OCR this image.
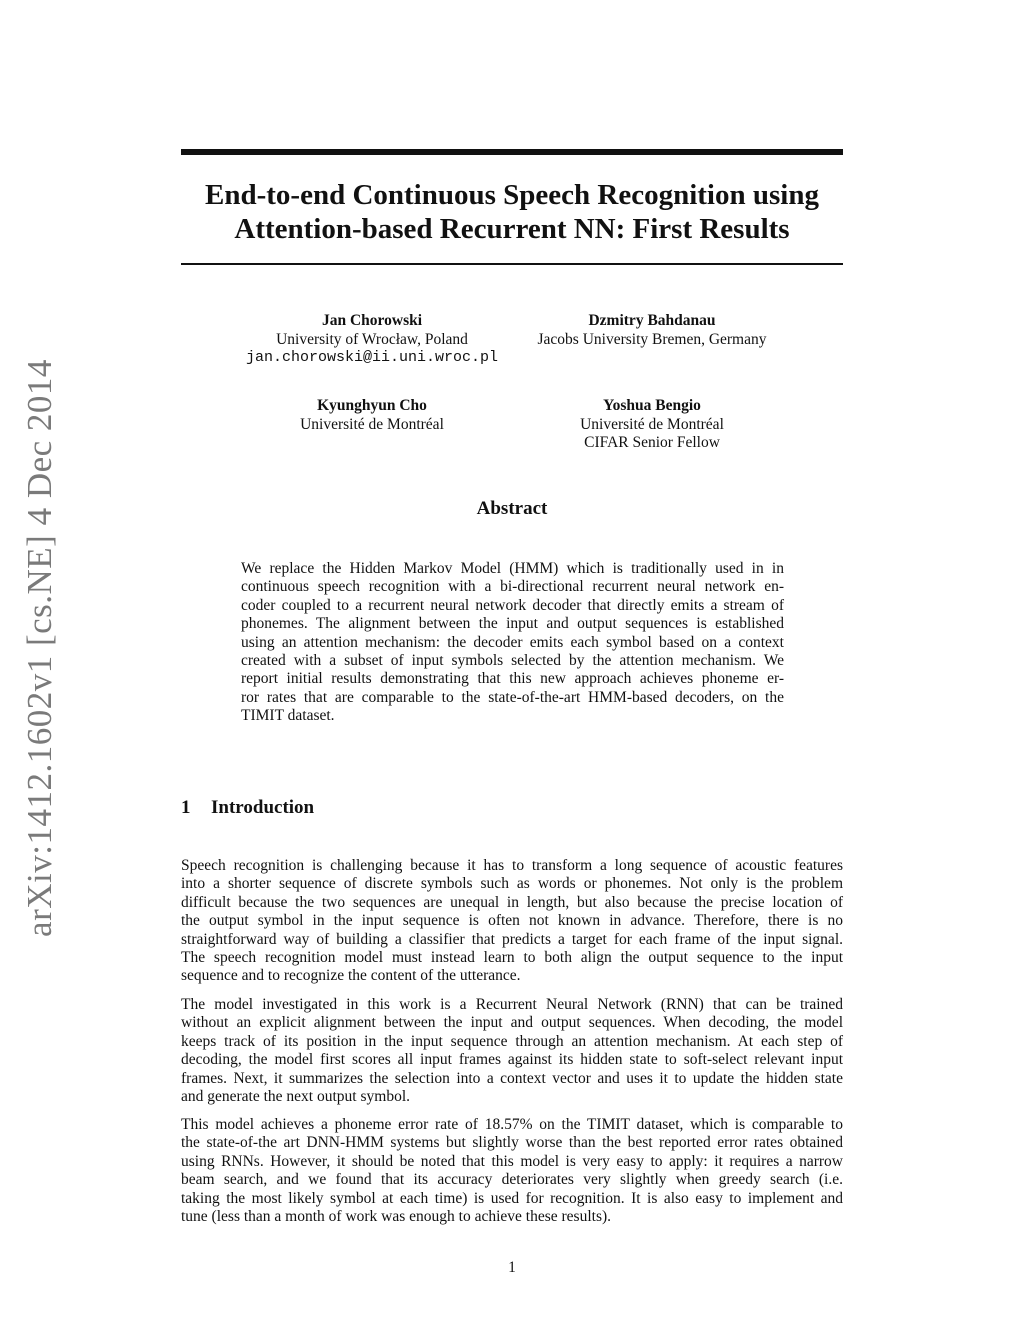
arXiv:1412.1602v1 [cs.NE] 4 Dec 2014
End-to-end Continuous Speech Recognition using
Attention-based Recurrent NN: First Results
Jan Chorowski
University of Wrocław, Poland
jan.chorowski@ii.uni.wroc.pl
Dzmitry Bahdanau
Jacobs University Bremen, Germany
Kyunghyun Cho
Université de Montréal
Yoshua Bengio
Université de Montréal
CIFAR Senior Fellow
Abstract
We replace the Hidden Markov Model (HMM) which is traditionally used in in
continuous speech recognition with a bi-directional recurrent neural network en-
coder coupled to a recurrent neural network decoder that directly emits a stream of
phonemes. The alignment between the input and output sequences is established
using an attention mechanism: the decoder emits each symbol based on a context
created with a subset of input symbols selected by the attention mechanism. We
report initial results demonstrating that this new approach achieves phoneme er-
ror rates that are comparable to the state-of-the-art HMM-based decoders, on the
TIMIT dataset.
1 Introduction
Speech recognition is challenging because it has to transform a long sequence of acoustic features
into a shorter sequence of discrete symbols such as words or phonemes. Not only is the problem
difficult because the two sequences are unequal in length, but also because the precise location of
the output symbol in the input sequence is often not known in advance. Therefore, there is no
straightforward way of building a classifier that predicts a target for each frame of the input signal.
The speech recognition model must instead learn to both align the output sequence to the input
sequence and to recognize the content of the utterance.
The model investigated in this work is a Recurrent Neural Network (RNN) that can be trained
without an explicit alignment between the input and output sequences. When decoding, the model
keeps track of its position in the input sequence through an attention mechanism. At each step of
decoding, the model first scores all input frames against its hidden state to soft-select relevant input
frames. Next, it summarizes the selection into a context vector and uses it to update the hidden state
and generate the next output symbol.
This model achieves a phoneme error rate of 18.57% on the TIMIT dataset, which is comparable to
the state-of-the art DNN-HMM systems but slightly worse than the best reported error rates obtained
using RNNs. However, it should be noted that this model is very easy to apply: it requires a narrow
beam search, and we found that its accuracy deteriorates very slightly when greedy search (i.e.
taking the most likely symbol at each time) is used for recognition. It is also easy to implement and
tune (less than a month of work was enough to achieve these results).
1
